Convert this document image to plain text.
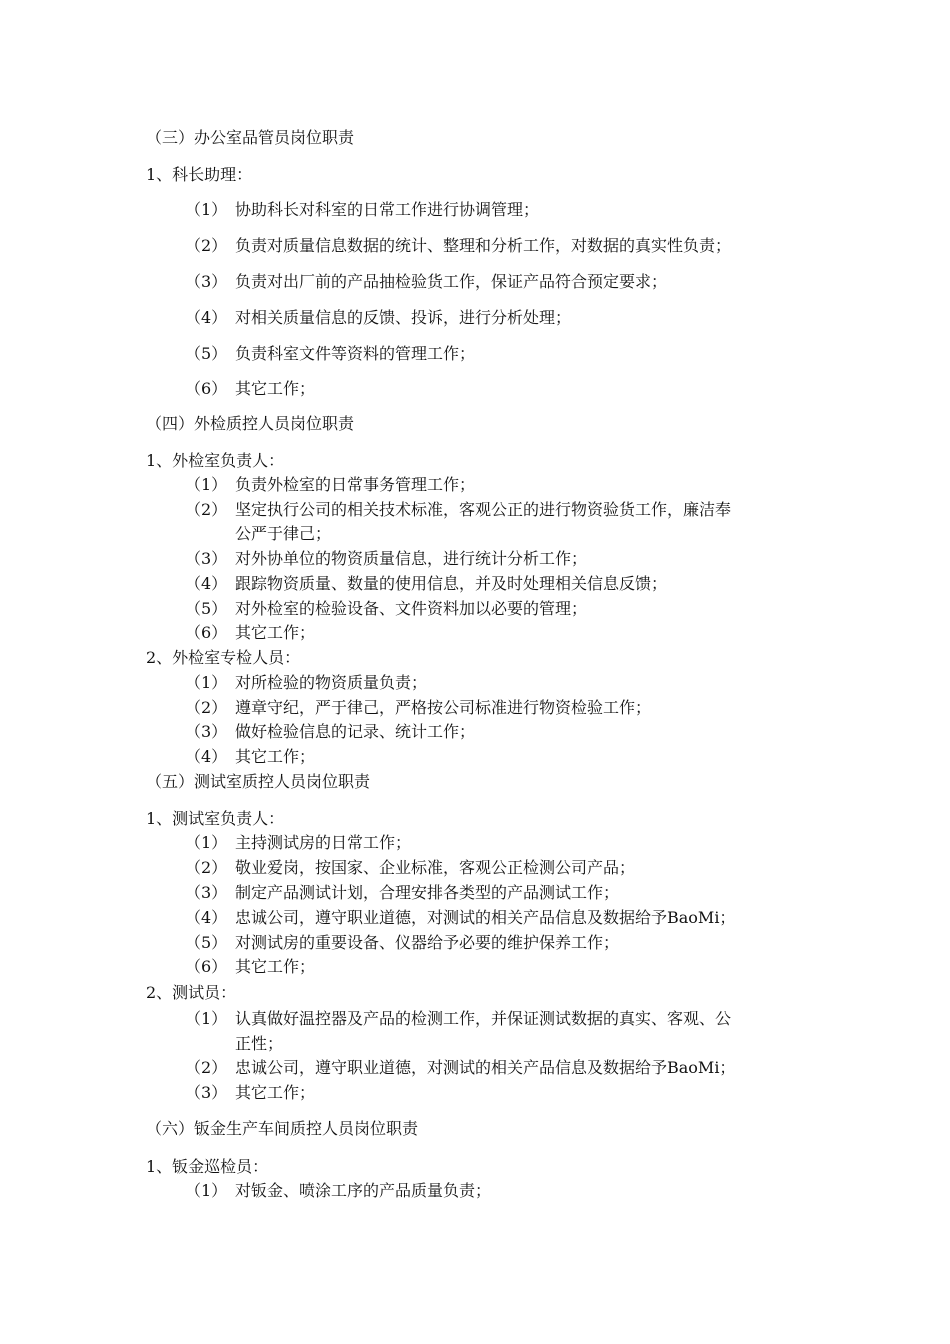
（三）办公室品管员岗位职责
1、科长助理：
（1） 协助科长对科室的日常工作进行协调管理；
（2） 负责对质量信息数据的统计、整理和分析工作，对数据的真实性负责；
（3） 负责对出厂前的产品抽检验货工作，保证产品符合预定要求；
（4） 对相关质量信息的反馈、投诉，进行分析处理；
（5） 负责科室文件等资料的管理工作；
（6） 其它工作；
（四）外检质控人员岗位职责
1、外检室负责人：
（1） 负责外检室的日常事务管理工作；
（2） 坚定执行公司的相关技术标准，客观公正的进行物资验货工作，廉洁奉
公严于律己；
（3） 对外协单位的物资质量信息，进行统计分析工作；
（4） 跟踪物资质量、数量的使用信息，并及时处理相关信息反馈；
（5） 对外检室的检验设备、文件资料加以必要的管理；
（6） 其它工作；
2、外检室专检人员：
（1） 对所检验的物资质量负责；
（2） 遵章守纪，严于律己，严格按公司标准进行物资检验工作；
（3） 做好检验信息的记录、统计工作；
（4） 其它工作；
（五）测试室质控人员岗位职责
1、测试室负责人：
（1） 主持测试房的日常工作；
（2） 敬业爱岗，按国家、企业标准，客观公正检测公司产品；
（3） 制定产品测试计划，合理安排各类型的产品测试工作；
（4） 忠诚公司，遵守职业道德，对测试的相关产品信息及数据给予BaoMi；
（5） 对测试房的重要设备、仪器给予必要的维护保养工作；
（6） 其它工作；
2、测试员：
（1） 认真做好温控器及产品的检测工作，并保证测试数据的真实、客观、公
正性；
（2） 忠诚公司，遵守职业道德，对测试的相关产品信息及数据给予BaoMi；
（3） 其它工作；
（六）钣金生产车间质控人员岗位职责
1、钣金巡检员：
（1） 对钣金、喷涂工序的产品质量负责；
